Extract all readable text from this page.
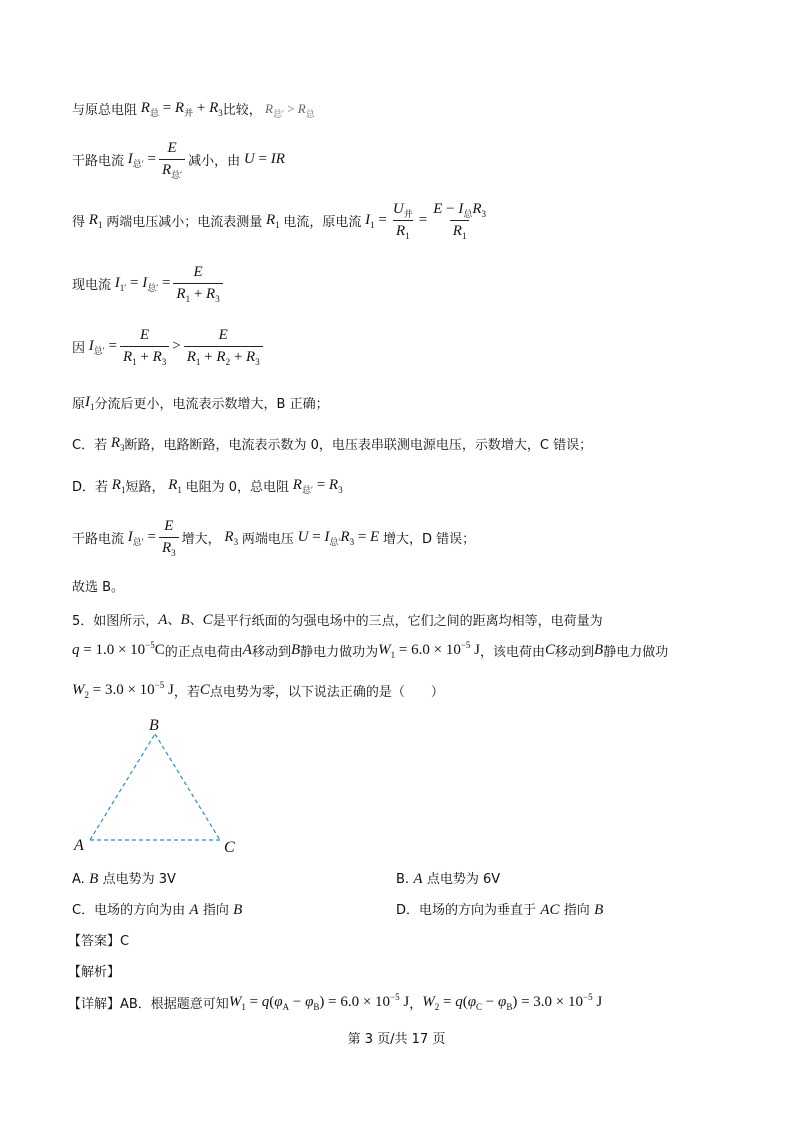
与原总电阻 $R_总 = R_并 + R_3$ 比较， $R_{总'} > R_总$
干路电流 $I_{总'} = \frac{E}{R_{总'}}$ 减小，由 U = IR
得 $R_1$ 两端电压减小；电流表测量 $R_1$ 电流，原电流 $I_1 = \frac{U_并}{R_1} = \frac{E - I_总R_3}{R_1}$
现电流 $I_{1'} = I_{总'} = \frac{E}{R_1 + R_3}$
因 $I_{总'} = \frac{E}{R_1 + R_3} > \frac{E}{R_1 + R_2 + R_3}$
原 $I_1$ 分流后更小，电流表示数增大，B 正确；
C．若 $R_3$ 断路，电路断路，电流表示数为 0，电压表串联测电源电压，示数增大，C 错误；
D．若 $R_1$ 短路， $R_1$ 电阻为 0，总电阻 $R_{总'} = R_3$
干路电流 $I_{总'} = \frac{E}{R_3}$ 增大， $R_3$ 两端电压 $U = I_{总'}R_3 = E$ 增大，D 错误；
故选 B。
5．如图所示， A、B、C 是平行纸面的匀强电场中的三点，它们之间的距离均相等，电荷量为
$q = 1.0 \times 10^{-5}C$ 的正点电荷由 A 移动到 B 静电力做功为 $W_1 = 6.0 \times 10^{-5}$ J ，该电荷由 C 移动到 B 静电力做功
$W_2 = 3.0 \times 10^{-5}$ J ，若 C 点电势为零，以下说法正确的是（　　）
B
A	C
A. B 点电势为 3V	B. A 点电势为 6V
C．电场的方向为由 A 指向 B	D．电场的方向为垂直于 AC 指向 B
【答案】C
【解析】
【详解】AB．根据题意可知 $W_1 = q(\varphi_A - \varphi_B) = 6.0 \times 10^{-5}$ J ， $W_2 = q(\varphi_C - \varphi_B) = 3.0 \times 10^{-5}$ J
第 3 页/共 17 页
